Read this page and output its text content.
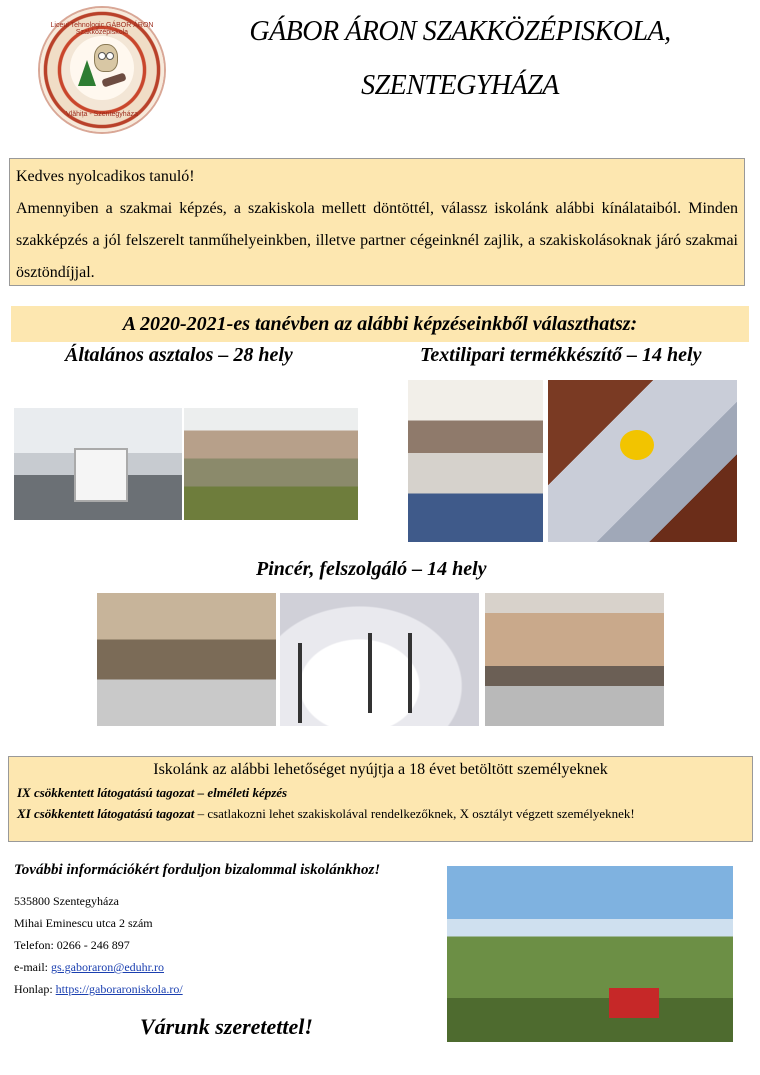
Liceul Tehnologic GÁBOR ÁRON Szakközépiskola
Vlăhița - Szentegyháza
GÁBOR ÁRON SZAKKÖZÉPISKOLA,
SZENTEGYHÁZA

Kedves nyolcadikos tanuló!

Amennyiben a szakmai képzés, a szakiskola mellett döntöttél, válassz iskolánk alábbi kínálataiból. Minden szakképzés a jól felszerelt tanműhelyeinkben, illetve partner cégeinknél zajlik, a szakiskolásoknak járó szakmai ösztöndíjjal.

A 2020-2021-es tanévben az alábbi képzéseinkből választhatsz:
Általános asztalos – 28 hely	Textilipari termékkészítő – 14 hely
Pincér, felszolgáló – 14 hely
Iskolánk az alábbi lehetőséget nyújtja a 18 évet betöltött személyeknek
IX csökkentett látogatású tagozat – elméleti képzés
XI csökkentett látogatású tagozat – csatlakozni lehet szakiskolával rendelkezőknek, X osztályt végzett személyeknek!
További információkért forduljon bizalommal iskolánkhoz!
535800 Szentegyháza
Mihai Eminescu utca 2 szám
Telefon: 0266 - 246 897
e-mail: gs.gaboraron@eduhr.ro
Honlap: https://gaboraroniskola.ro/
Várunk szeretettel!
